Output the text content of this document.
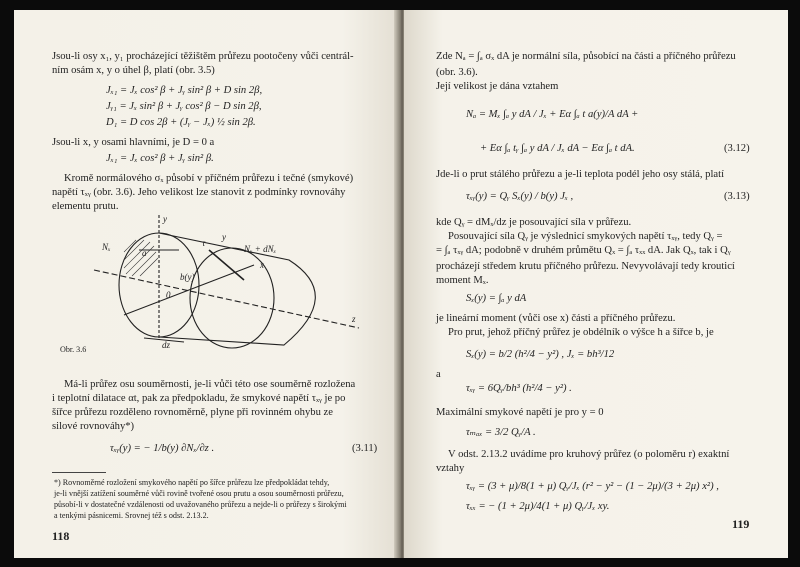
Jsou-li osy x₁, y₁ procházející těžištěm průřezu pootočeny vůči centrál-
ním osám x, y o úhel β, platí (obr. 3.5)
Jₓ₁ = Jₓ cos² β + Jᵧ sin² β + D sin 2β,
Jᵧ₁ = Jₓ sin² β + Jᵧ cos² β − D sin 2β,
D₁ = D cos 2β + (Jᵧ − Jₓ) ½ sin 2β.
Jsou-li x, y osami hlavními, je D = 0 a
Jₓ₁ = Jₓ cos² β + Jᵧ sin² β.
Kromě normálového σₓ působí v příčném průřezu i tečné (smykové)
napětí τₓᵧ (obr. 3.6). Jeho velikost lze stanovit z podmínky rovnováhy
elementu prutu.
y
Nₓ
a
τ
y
Nₓ + dNₓ
z
dz
x
0
b(y)
Obr. 3.6
Má-li průřez osu souměrnosti, je-li vůči této ose souměrně rozložena
i teplotní dilatace αt, pak za předpokladu, že smykové napětí τₓᵧ je po
šířce průřezu rozděleno rovnoměrně, plyne při rovinném ohybu ze
silové rovnováhy*)
τₓᵧ(y) = − 1/b(y) ∂Nₓ/∂z .	(3.11)
*) Rovnoměrné rozložení smykového napětí po šířce průřezu lze předpokládat tehdy,
je-li vnější zatížení souměrné vůči rovině tvořené osou prutu a osou souměrnosti průřezu,
působí-li v dostatečné vzdálenosti od uvažovaného průřezu a nejde-li o průřezy s širokými
a tenkými pásnicemi. Srovnej též s odst. 2.13.2.
118
Zde Nₐ = ∫ₐ σₓ dA je normální síla, působící na části a příčného průřezu
(obr. 3.6).
Její velikost je dána vztahem
Nₐ = Mₓ ∫ₐ y dA / Jₓ + Eα ∫ₐ t a(y)/A dA +
+ Eα ∫ₐ tᵧ ∫ₐ y dA / Jₓ dA − Eα ∫ₐ t dA.	(3.12)
Jde-li o prut stálého průřezu a je-li teplota podél jeho osy stálá, platí
τₓᵧ(y) = Qᵧ Sₓ(y) / b(y) Jₓ ,	(3.13)
kde Qᵧ = dMₓ/dz je posouvající síla v průřezu.
Posouvající síla Qᵧ je výslednicí smykových napětí τₓᵧ, tedy Qᵧ =
= ∫ₐ τₓᵧ dA; podobně v druhém průmětu Qₓ = ∫ₐ τₓₓ dA. Jak Qₓ, tak i Qᵧ
procházejí středem krutu příčného průřezu. Nevyvolávají tedy krouticí
moment Mₓ.
Sₓ(y) = ∫ₐ y dA
je lineární moment (vůči ose x) části a příčného průřezu.
Pro prut, jehož příčný průřez je obdélník o výšce h a šířce b, je
Sₓ(y) = b/2 (h²/4 − y²) , Jₓ = bh³/12
a
τₓᵧ = 6Qᵧ/bh³ (h²/4 − y²) .
Maximální smykové napětí je pro y = 0
τₘₐₓ = 3/2 Qᵧ/A .
V odst. 2.13.2 uvádíme pro kruhový průřez (o poloměru r) exaktní
vztahy
τₓᵧ = (3 + μ)/8(1 + μ) Qᵧ/Jₓ (r² − y² − (1 − 2μ)/(3 + 2μ) x²) ,
τₓₓ = − (1 + 2μ)/4(1 + μ) Qᵧ/Jₓ xy.
119
